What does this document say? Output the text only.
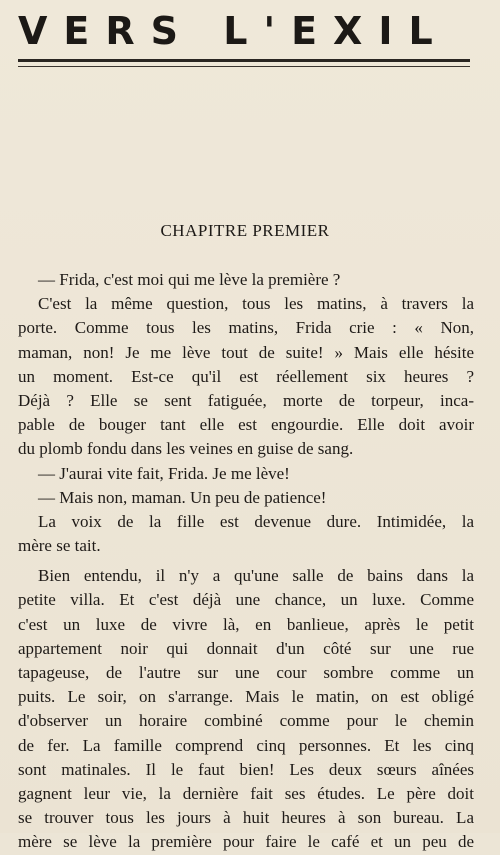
VERS L'EXIL
CHAPITRE PREMIER
— Frida, c'est moi qui me lève la première ?
C'est la même question, tous les matins, à travers la
porte. Comme tous les matins, Frida crie : « Non,
maman, non! Je me lève tout de suite! » Mais elle hésite
un moment. Est-ce qu'il est réellement six heures ?
Déjà ? Elle se sent fatiguée, morte de torpeur, inca-
pable de bouger tant elle est engourdie. Elle doit avoir
du plomb fondu dans les veines en guise de sang.
— J'aurai vite fait, Frida. Je me lève!
— Mais non, maman. Un peu de patience!
La voix de la fille est devenue dure. Intimidée, la
mère se tait.
Bien entendu, il n'y a qu'une salle de bains dans la
petite villa. Et c'est déjà une chance, un luxe. Comme
c'est un luxe de vivre là, en banlieue, après le petit
appartement noir qui donnait d'un côté sur une rue
tapageuse, de l'autre sur une cour sombre comme un
puits. Le soir, on s'arrange. Mais le matin, on est obligé
d'observer un horaire combiné comme pour le chemin
de fer. La famille comprend cinq personnes. Et les cinq
sont matinales. Il le faut bien! Les deux sœurs aînées
gagnent leur vie, la dernière fait ses études. Le père doit
se trouver tous les jours à huit heures à son bureau. La
mère se lève la première pour faire le café et un peu de
